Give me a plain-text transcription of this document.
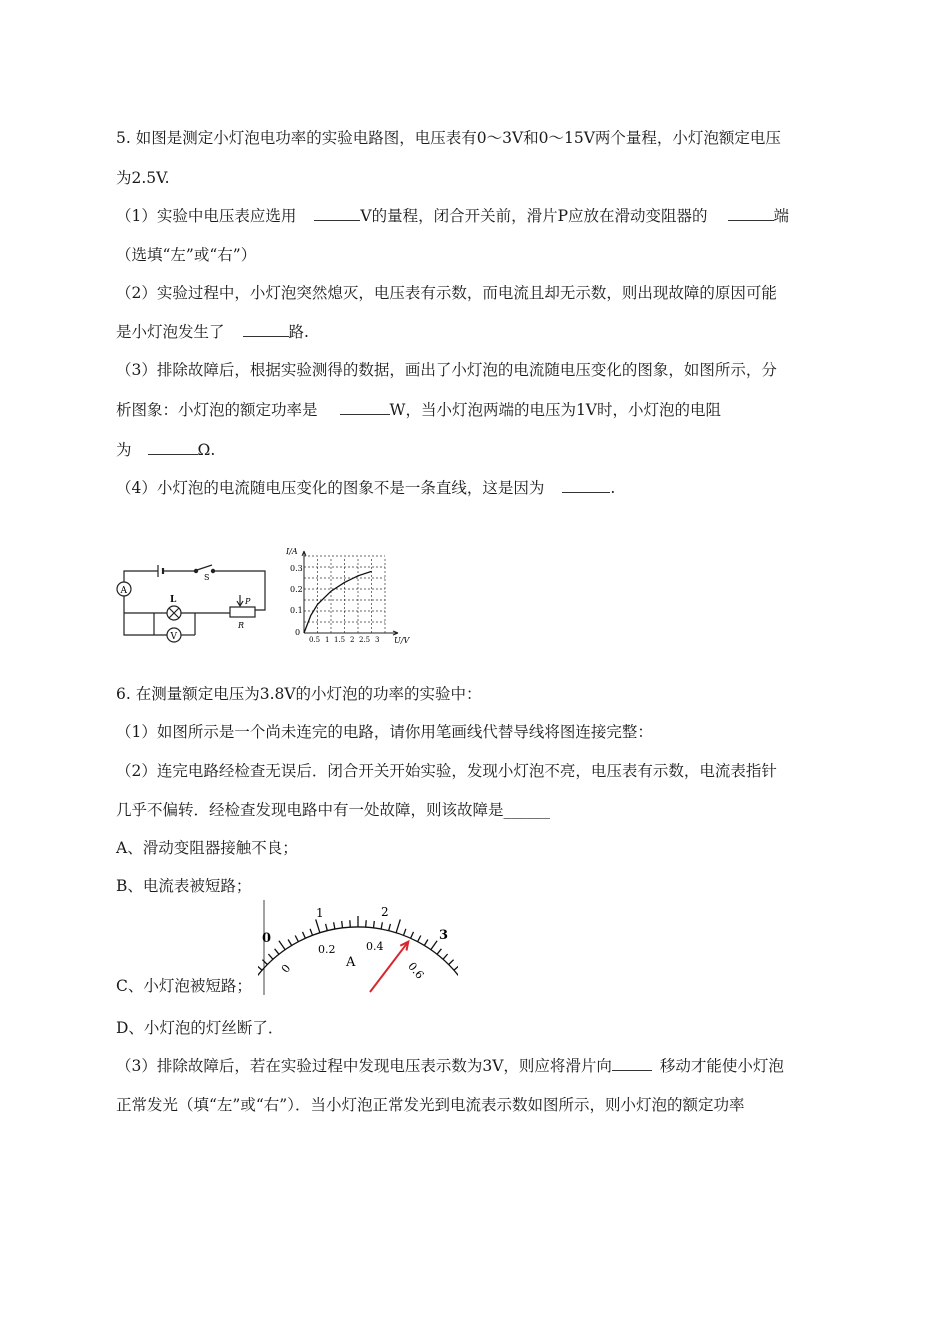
5. 如图是测定小灯泡电功率的实验电路图，电压表有0～3V和0～15V两个量程，小灯泡额定电压
为2.5V.
（1）实验中电压表应选用	V的量程，闭合开关前，滑片P应放在滑动变阻器的	端
（选填“左”或“右”）
（2）实验过程中，小灯泡突然熄灭，电压表有示数，而电流且却无示数，则出现故障的原因可能
是小灯泡发生了	路.
（3）排除故障后，根据实验测得的数据，画出了小灯泡的电流随电压变化的图象，如图所示，分
析图象：小灯泡的额定功率是	W，当小灯泡两端的电压为1V时，小灯泡的电阻
为	Ω.
（4）小灯泡的电流随电压变化的图象不是一条直线，这是因为	.
A
V
L
S
P
R
I/A
U/V
0.3
0.2
0.1
0
0.5 1 1.5 2 2.5 3
6. 在测量额定电压为3.8V的小灯泡的功率的实验中：
（1）如图所示是一个尚未连完的电路，请你用笔画线代替导线将图连接完整：
（2）连完电路经检查无误后．闭合开关开始实验，发现小灯泡不亮，电压表有示数，电流表指针
几乎不偏转．经检查发现电路中有一处故障，则该故障是______
A、滑动变阻器接触不良；
B、电流表被短路；
C、小灯泡被短路；
D、小灯泡的灯丝断了．
（3）排除故障后，若在实验过程中发现电压表示数为3V，则应将滑片向	移动才能使小灯泡
正常发光（填“左”或“右”）．当小灯泡正常发光到电流表示数如图所示，则小灯泡的额定功率
0
1	2
3
0
0.2	0.4
0.6
A
